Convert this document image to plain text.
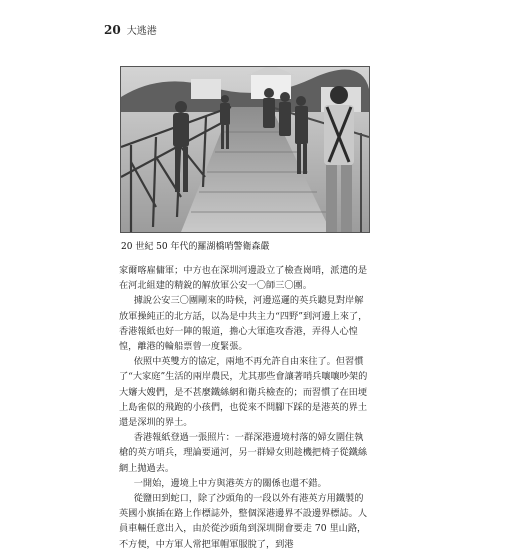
20 大逃港
20 世紀 50 年代的羅湖橋哨警衛森嚴

家爾喀雇傭軍；中方也在深圳河邊設立了檢查崗哨，派遣的是在河北組建的精銳的解放軍公安一〇師三〇團。

據說公安三〇團剛來的時候，河邊巡邏的英兵聽見對岸解放軍操純正的北方話，以為是中共主力“四野”到河邊上來了，香港報紙也好一陣的報道，擔心大軍進攻香港，弄得人心惶惶，離港的輪船票曾一度緊張。

依照中英雙方的協定，兩地不再允許自由來往了。但習慣了“大家庭”生活的兩岸農民，尤其那些會讓著哨兵嚷嚷吵架的大嬸大嫂們，是不甚麼鐵絲網和衛兵檢查的；而習慣了在田埂上島雀似的飛跑的小孩們，也從來不問腳下踩的是港英的界土還是深圳的界土。

香港報紙登過一張照片：一群深港邊境村落的婦女圍住執槍的英方哨兵，理論要通河，另一群婦女則趁機把椅子從鐵絲網上抛過去。

一開始，邊境上中方與港英方的關係也還不錯。

從鹽田到蛇口，除了沙頭角的一段以外有港英方用鐵製的英國小旗插在路上作標誌外，整個深港邊界不設邊界標誌。人員車輛任意出入，由於從沙頭角到深圳開會要走 70 里山路，不方便，中方軍人常把軍帽軍服脫了，到港
